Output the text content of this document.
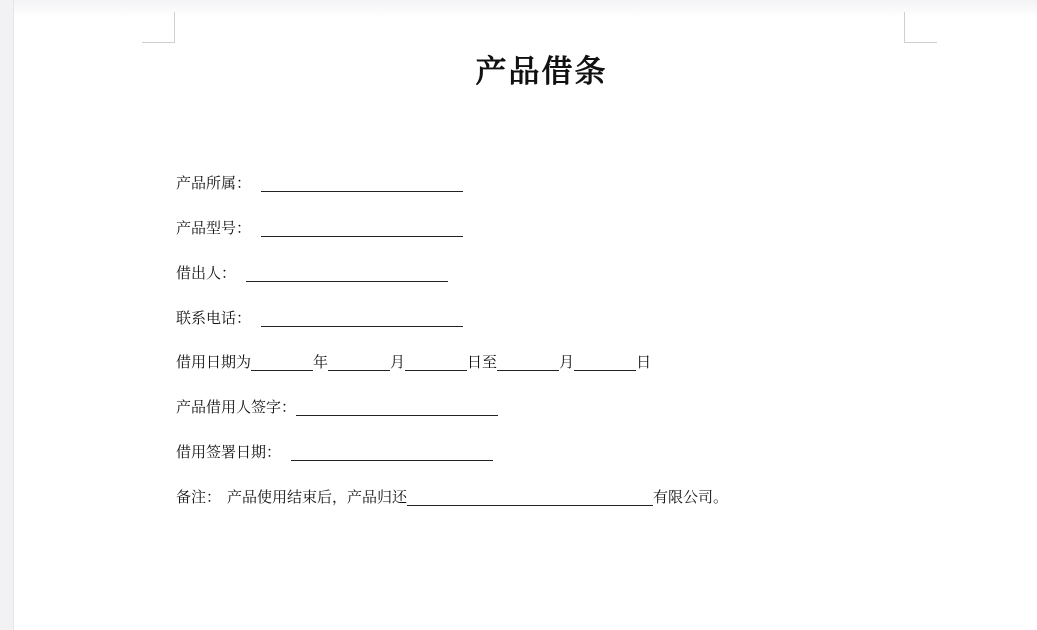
产品借条
产品所属：
产品型号：
借出人：
联系电话：
借用日期为	年	月	日至	月	日
产品借用人签字：
借用签署日期：
备注： 产品使用结束后，产品归还	有限公司。
